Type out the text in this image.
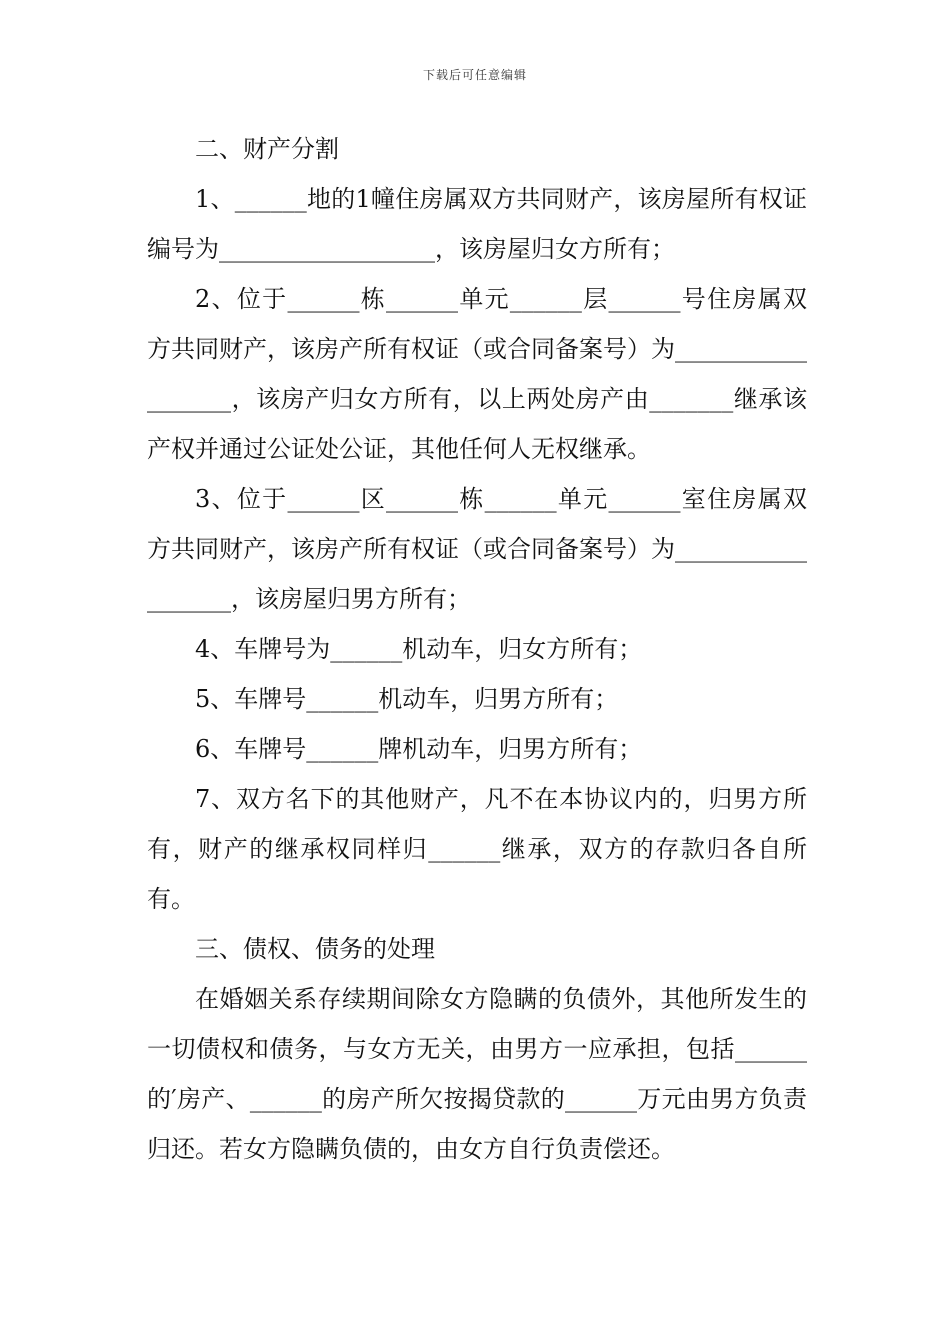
下载后可任意编辑

二、财产分割

1、______地的1幢住房属双方共同财产，该房屋所有权证编号为__________________，该房屋归女方所有；

2、位于______栋______单元______层______号住房属双方共同财产，该房产所有权证（或合同备案号）为__________________，该房产归女方所有，以上两处房产由_______继承该产权并通过公证处公证，其他任何人无权继承。

3、位于______区______栋______单元______室住房属双方共同财产，该房产所有权证（或合同备案号）为__________________，该房屋归男方所有；

4、车牌号为______机动车，归女方所有；

5、车牌号______机动车，归男方所有；

6、车牌号______牌机动车，归男方所有；

7、双方名下的其他财产，凡不在本协议内的，归男方所有，财产的继承权同样归______继承，双方的存款归各自所有。

三、债权、债务的处理

在婚姻关系存续期间除女方隐瞒的负债外，其他所发生的一切债权和债务，与女方无关，由男方一应承担，包括______的′房产、______的房产所欠按揭贷款的______万元由男方负责归还。若女方隐瞒负债的，由女方自行负责偿还。
